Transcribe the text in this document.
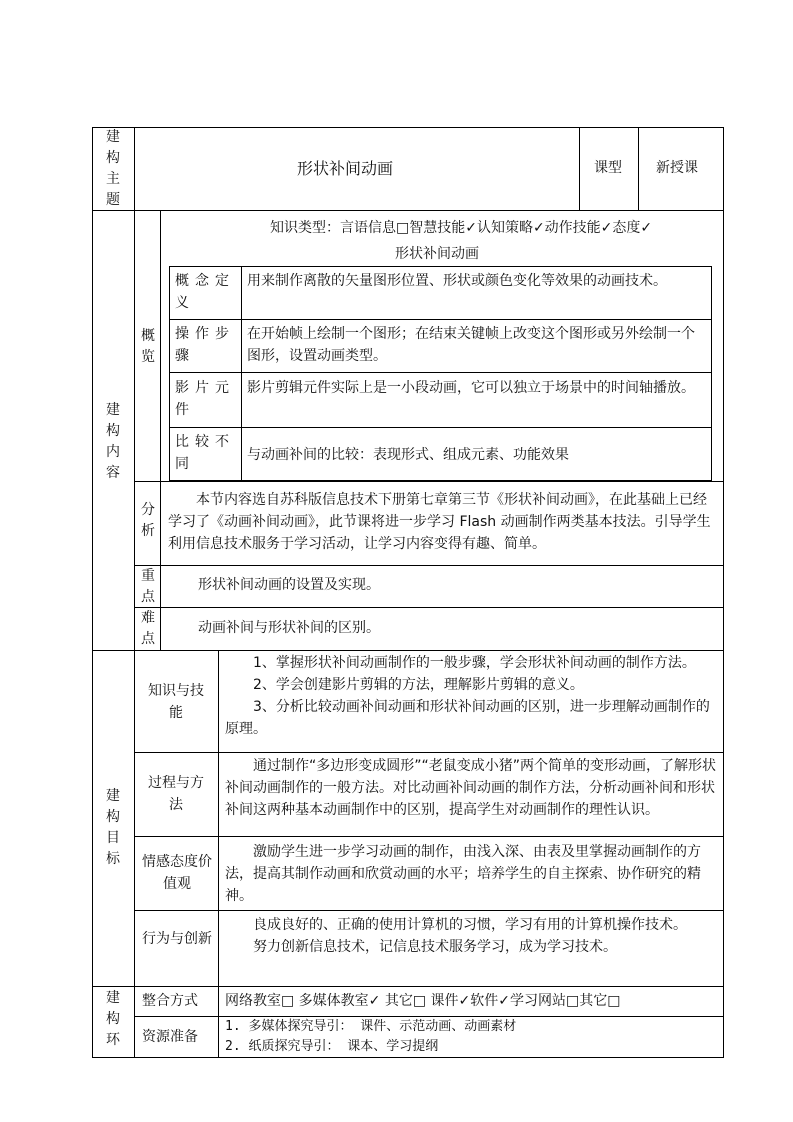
建构主题
形状补间动画	课型 新授课
建构内容
概览
知识类型：言语信息□智慧技能✓认知策略✓动作技能✓态度✓
形状补间动画
概念定义
用来制作离散的矢量图形位置、形状或颜色变化等效果的动画技术。
操作步骤
在开始帧上绘制一个图形；在结束关键帧上改变这个图形或另外绘制一个图形，设置动画类型。
影片元件
影片剪辑元件实际上是一小段动画，它可以独立于场景中的时间轴播放。
比较不同
与动画补间的比较：表现形式、组成元素、功能效果
分析
本节内容选自苏科版信息技术下册第七章第三节《形状补间动画》，在此基础上已经学习了《动画补间动画》，此节课将进一步学习 Flash 动画制作两类基本技法。引导学生利用信息技术服务于学习活动，让学习内容变得有趣、简单。
重点
形状补间动画的设置及实现。
难点
动画补间与形状补间的区别。
建构目标
知识与技能
1、掌握形状补间动画制作的一般步骤，学会形状补间动画的制作方法。
2、学会创建影片剪辑的方法，理解影片剪辑的意义。
3、分析比较动画补间动画和形状补间动画的区别，进一步理解动画制作的原理。
过程与方法
通过制作“多边形变成圆形”“老鼠变成小猪”两个简单的变形动画，了解形状补间动画制作的一般方法。对比动画补间动画的制作方法，分析动画补间和形状补间这两种基本动画制作中的区别，提高学生对动画制作的理性认识。
情感态度价值观
激励学生进一步学习动画的制作，由浅入深、由表及里掌握动画制作的方法，提高其制作动画和欣赏动画的水平；培养学生的自主探索、协作研究的精神。
行为与创新
良成良好的、正确的使用计算机的习惯，学习有用的计算机操作技术。
努力创新信息技术，记信息技术服务学习，成为学习技术。
建构环
整合方式 网络教室□ 多媒体教室✓ 其它□ 课件✓软件✓学习网站□其它□
资源准备
1. 多媒体探究导引： 课件、示范动画、动画素材
2. 纸质探究导引： 课本、学习提纲
